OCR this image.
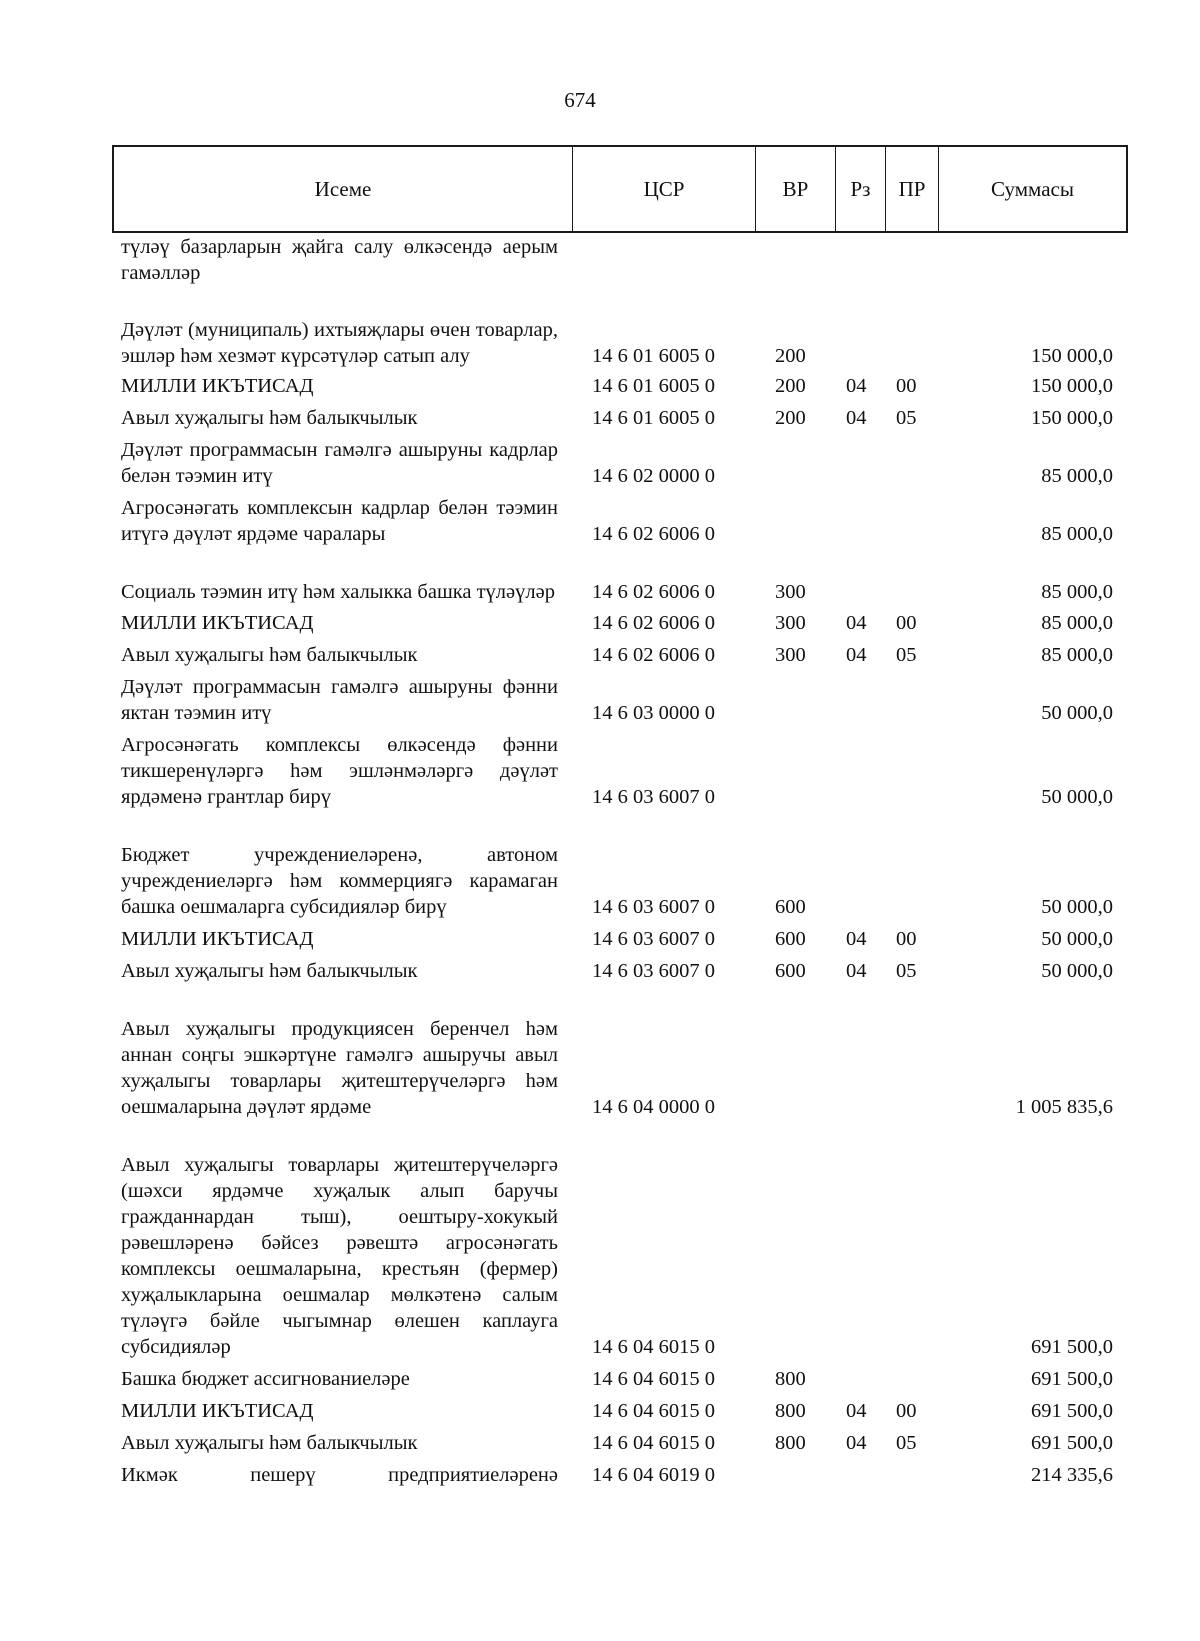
674
Исеме	ЦСР	ВР	Рз	ПР	Суммасы
түләү базарларын җайга салу өлкәсендә аерым гамәлләр
Дәүләт (муниципаль) ихтыяҗлары өчен товарлар, эшләр һәм хезмәт күрсәтүләр сатып алу	14 6 01 6005 0	200	150 000,0
МИЛЛИ ИКЪТИСАД	14 6 01 6005 0	200 04 00	150 000,0
Авыл хуҗалыгы һәм балыкчылык	14 6 01 6005 0	200 04 05	150 000,0
Дәүләт программасын гамәлгә ашыруны кадрлар белән тәэмин итү	14 6 02 0000 0	85 000,0
Агросәнәгать комплексын кадрлар белән тәэмин итүгә дәүләт ярдәме чаралары	14 6 02 6006 0	85 000,0
Социаль тәэмин итү һәм халыкка башка түләүләр 14 6 02 6006 0	300	85 000,0
МИЛЛИ ИКЪТИСАД	14 6 02 6006 0	300 04 00	85 000,0
Авыл хуҗалыгы һәм балыкчылык	14 6 02 6006 0	300 04 05	85 000,0
Дәүләт программасын гамәлгә ашыруны фәнни яктан тәэмин итү	14 6 03 0000 0	50 000,0
Агросәнәгать комплексы өлкәсендә фәнни тикшеренүләргә һәм эшләнмәләргә дәүләт ярдәменә грантлар бирү	14 6 03 6007 0	50 000,0
Бюджет учреждениеләренә, автоном учреждениеләргә һәм коммерциягә карамаган башка оешмаларга субсидияләр бирү	14 6 03 6007 0	600	50 000,0
МИЛЛИ ИКЪТИСАД	14 6 03 6007 0	600 04 00	50 000,0
Авыл хуҗалыгы һәм балыкчылык	14 6 03 6007 0	600 04 05	50 000,0
Авыл хуҗалыгы продукциясен беренчел һәм аннан соңгы эшкәртүне гамәлгә ашыручы авыл хуҗалыгы товарлары җитештерүчеләргә һәм оешмаларына дәүләт ярдәме	14 6 04 0000 0	1 005 835,6
Авыл хуҗалыгы товарлары җитештерүчеләргә (шәхси ярдәмче хуҗалык алып баручы гражданнардан тыш), оештыру-хокукый рәвешләренә бәйсез рәвештә агросәнәгать комплексы оешмаларына, крестьян (фермер) хуҗалыкларына оешмалар мөлкәтенә салым түләүгә бәйле чыгымнар өлешен каплауга субсидияләр	14 6 04 6015 0	691 500,0
Башка бюджет ассигнованиеләре	14 6 04 6015 0	800	691 500,0
МИЛЛИ ИКЪТИСАД	14 6 04 6015 0	800 04 00	691 500,0
Авыл хуҗалыгы һәм балыкчылык	14 6 04 6015 0	800 04 05	691 500,0
Икмәк пешерү предприятиеләренә 14 6 04 6019 0	214 335,6
